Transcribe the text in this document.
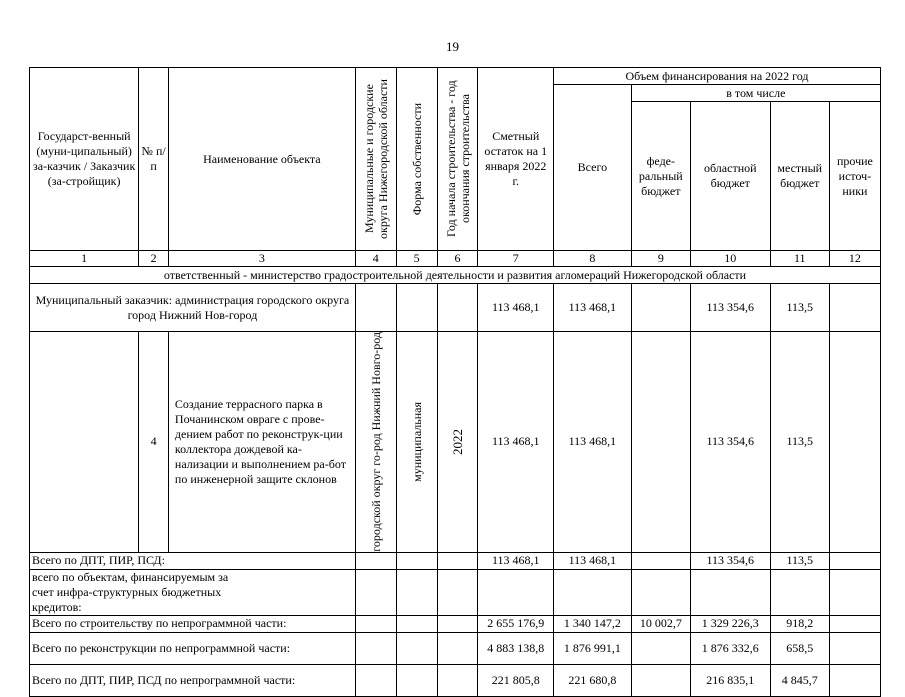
19
Государст-венный (муни-ципальный) за-казчик / Заказчик (за-стройщик)	№ п/п	Наименование объекта	Муниципальные и городские округа Нижегородской области	Форма собственности	Год начала строительства - год окончания строительства	Сметный остаток на 1 января 2022 г.	Объем финансирования на 2022 год				
							Всего	в том числе			
								феде-ральный бюджет	областной бюджет	местный бюджет	прочие источ-ники
1	2	3	4	5	6	7	8	9	10	11	12
ответственный - министерство градостроительной деятельности и развития агломераций Нижегородской области											
Муниципальный заказчик: администрация городского округа город Нижний Нов-город						113 468,1	113 468,1		113 354,6	113,5	
	4	Создание террасного парка в Почанинском овраге с прове-дением работ по реконструк-ции коллектора дождевой ка-нализации и выполнением ра-бот по инженерной защите склонов	городской округ го-род Нижний Новго-род	муниципальная	2022	113 468,1	113 468,1		113 354,6	113,5	
Всего по ДПТ, ПИР, ПСД:						113 468,1	113 468,1		113 354,6	113,5	
всего по объектам, финансируемым за счет инфра-структурных бюджетных кредитов:											
Всего по строительству по непрограммной части:						2 655 176,9	1 340 147,2	10 002,7	1 329 226,3	918,2	
Всего по реконструкции по непрограммной части:						4 883 138,8	1 876 991,1		1 876 332,6	658,5	
Всего по ДПТ, ПИР, ПСД по непрограммной части:						221 805,8	221 680,8		216 835,1	4 845,7	
